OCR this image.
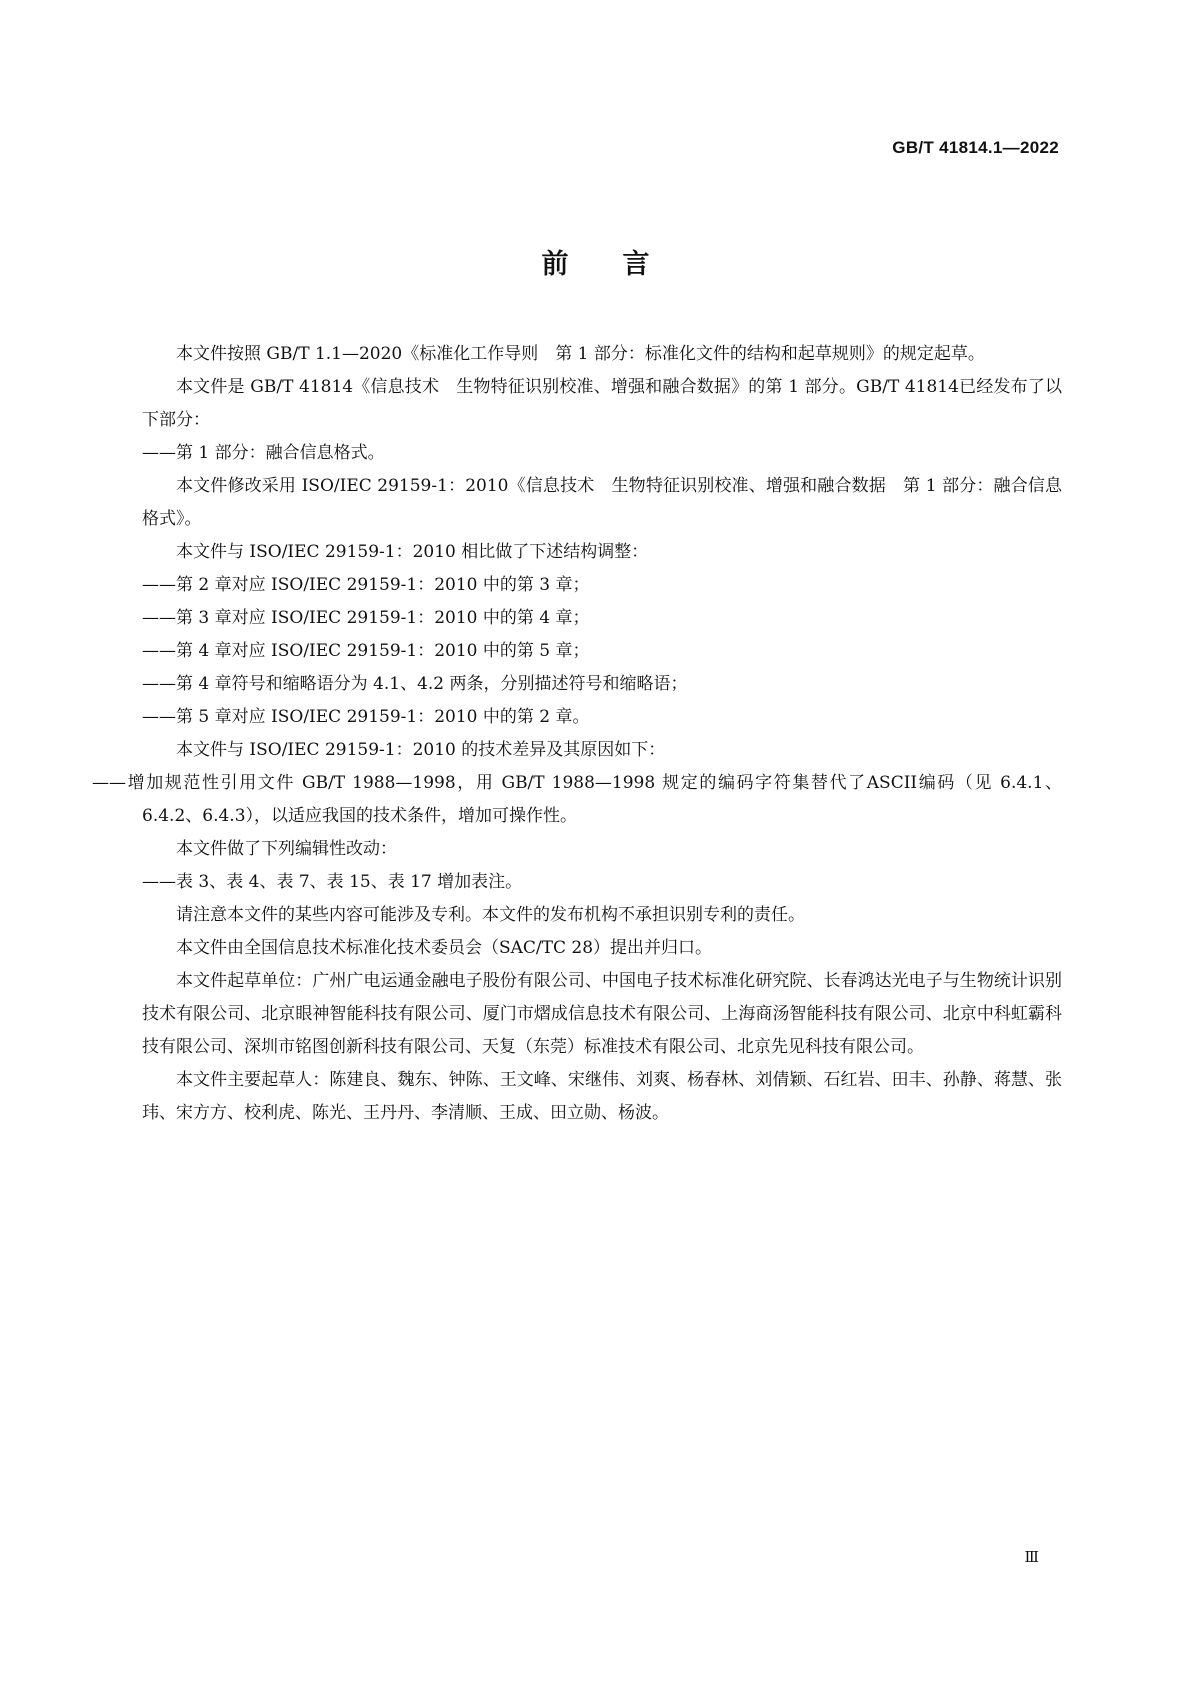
GB/T 41814.1—2022
前言

本文件按照 GB/T 1.1—2020《标准化工作导则　第 1 部分：标准化文件的结构和起草规则》的规定起草。

本文件是 GB/T 41814《信息技术　生物特征识别校准、增强和融合数据》的第 1 部分。GB/T 41814已经发布了以下部分：

——第 1 部分：融合信息格式。

本文件修改采用 ISO/IEC 29159-1：2010《信息技术　生物特征识别校准、增强和融合数据　第 1 部分：融合信息格式》。

本文件与 ISO/IEC 29159-1：2010 相比做了下述结构调整：

——第 2 章对应 ISO/IEC 29159-1：2010 中的第 3 章；

——第 3 章对应 ISO/IEC 29159-1：2010 中的第 4 章；

——第 4 章对应 ISO/IEC 29159-1：2010 中的第 5 章；

——第 4 章符号和缩略语分为 4.1、4.2 两条，分别描述符号和缩略语；

——第 5 章对应 ISO/IEC 29159-1：2010 中的第 2 章。

本文件与 ISO/IEC 29159-1：2010 的技术差异及其原因如下：

——增加规范性引用文件 GB/T 1988—1998，用 GB/T 1988—1998 规定的编码字符集替代了ASCII编码（见 6.4.1、6.4.2、6.4.3），以适应我国的技术条件，增加可操作性。

本文件做了下列编辑性改动：

——表 3、表 4、表 7、表 15、表 17 增加表注。

请注意本文件的某些内容可能涉及专利。本文件的发布机构不承担识别专利的责任。

本文件由全国信息技术标准化技术委员会（SAC/TC 28）提出并归口。

本文件起草单位：广州广电运通金融电子股份有限公司、中国电子技术标准化研究院、长春鸿达光电子与生物统计识别技术有限公司、北京眼神智能科技有限公司、厦门市熠成信息技术有限公司、上海商汤智能科技有限公司、北京中科虹霸科技有限公司、深圳市铭图创新科技有限公司、天复（东莞）标准技术有限公司、北京先见科技有限公司。

本文件主要起草人：陈建良、魏东、钟陈、王文峰、宋继伟、刘爽、杨春林、刘倩颖、石红岩、田丰、孙静、蒋慧、张玮、宋方方、校利虎、陈光、王丹丹、李清顺、王成、田立勋、杨波。

Ⅲ
